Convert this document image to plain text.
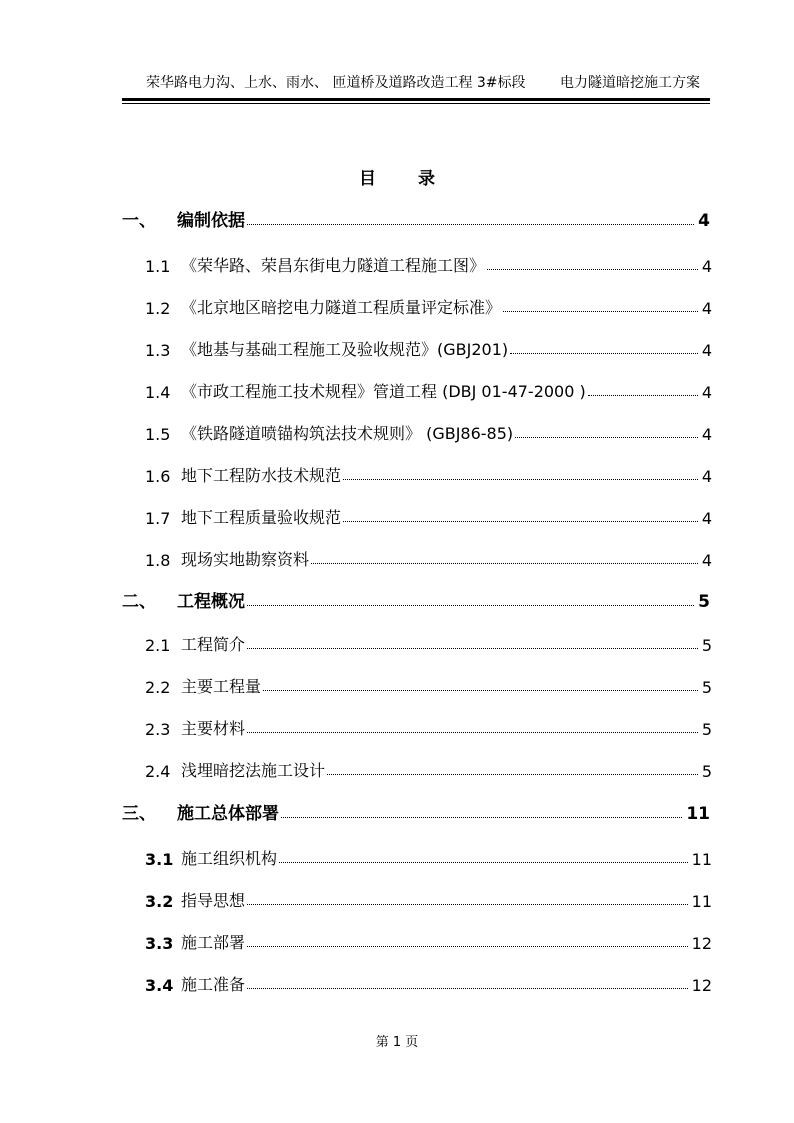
荣华路电力沟、上水、雨水、 匝道桥及道路改造工程 3#标段 电力隧道暗挖施工方案
目 录
一、	编制依据	4
1.1 《荣华路、荣昌东街电力隧道工程施工图》	4
1.2 《北京地区暗挖电力隧道工程质量评定标准》	4
1.3 《地基与基础工程施工及验收规范》(GBJ201)	4
1.4 《市政工程施工技术规程》管道工程 (DBJ 01-47-2000 )	4
1.5 《铁路隧道喷锚构筑法技术规则》 (GBJ86-85)	4
1.6 地下工程防水技术规范	4
1.7 地下工程质量验收规范	4
1.8 现场实地勘察资料	4
二、	工程概况	5
2.1 工程简介	5
2.2 主要工程量	5
2.3 主要材料	5
2.4 浅埋暗挖法施工设计	5
三、	施工总体部署	11
3.1 施工组织机构	11
3.2 指导思想	11
3.3 施工部署	12
3.4 施工准备	12
第 1 页
